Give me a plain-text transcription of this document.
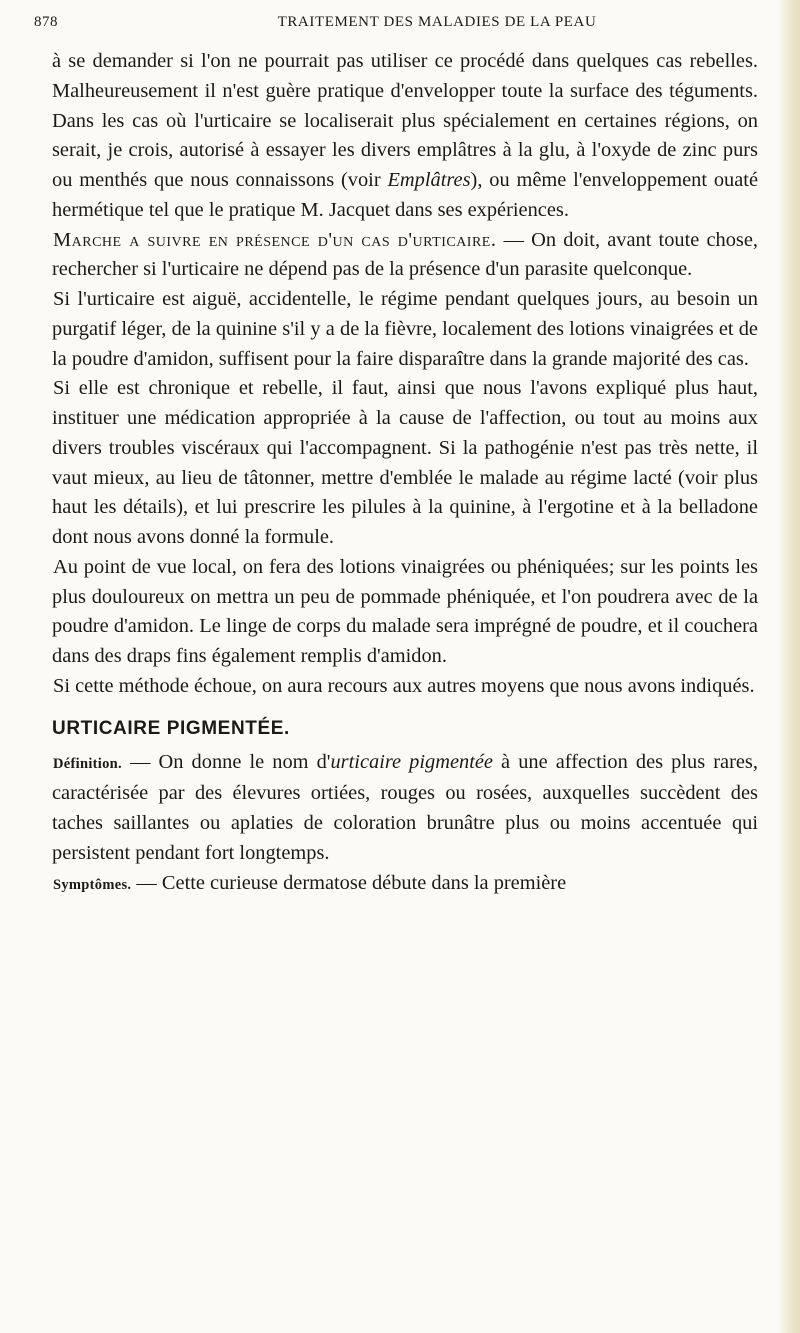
878	TRAITEMENT DES MALADIES DE LA PEAU

à se demander si l'on ne pourrait pas utiliser ce procédé dans quelques cas rebelles. Malheureusement il n'est guère pratique d'envelopper toute la surface des téguments. Dans les cas où l'urticaire se localiserait plus spécialement en certaines régions, on serait, je crois, autorisé à essayer les divers emplâtres à la glu, à l'oxyde de zinc purs ou menthés que nous connaissons (voir Emplâtres), ou même l'enveloppement ouaté hermétique tel que le pratique M. Jacquet dans ses expériences.

Marche a suivre en présence d'un cas d'urticaire. — On doit, avant toute chose, rechercher si l'urticaire ne dépend pas de la présence d'un parasite quelconque.

Si l'urticaire est aiguë, accidentelle, le régime pendant quelques jours, au besoin un purgatif léger, de la quinine s'il y a de la fièvre, localement des lotions vinaigrées et de la poudre d'amidon, suffisent pour la faire disparaître dans la grande majorité des cas.

Si elle est chronique et rebelle, il faut, ainsi que nous l'avons expliqué plus haut, instituer une médication appropriée à la cause de l'affection, ou tout au moins aux divers troubles viscéraux qui l'accompagnent. Si la pathogénie n'est pas très nette, il vaut mieux, au lieu de tâtonner, mettre d'emblée le malade au régime lacté (voir plus haut les détails), et lui prescrire les pilules à la quinine, à l'ergotine et à la belladone dont nous avons donné la formule.

Au point de vue local, on fera des lotions vinaigrées ou phéniquées; sur les points les plus douloureux on mettra un peu de pommade phéniquée, et l'on poudrera avec de la poudre d'amidon. Le linge de corps du malade sera imprégné de poudre, et il couchera dans des draps fins également remplis d'amidon.

Si cette méthode échoue, on aura recours aux autres moyens que nous avons indiqués.

URTICAIRE PIGMENTÉE.

Définition. — On donne le nom d'urticaire pigmentée à une affection des plus rares, caractérisée par des élevures ortiées, rouges ou rosées, auxquelles succèdent des taches saillantes ou aplaties de coloration brunâtre plus ou moins accentuée qui persistent pendant fort longtemps.

Symptômes. — Cette curieuse dermatose débute dans la première
